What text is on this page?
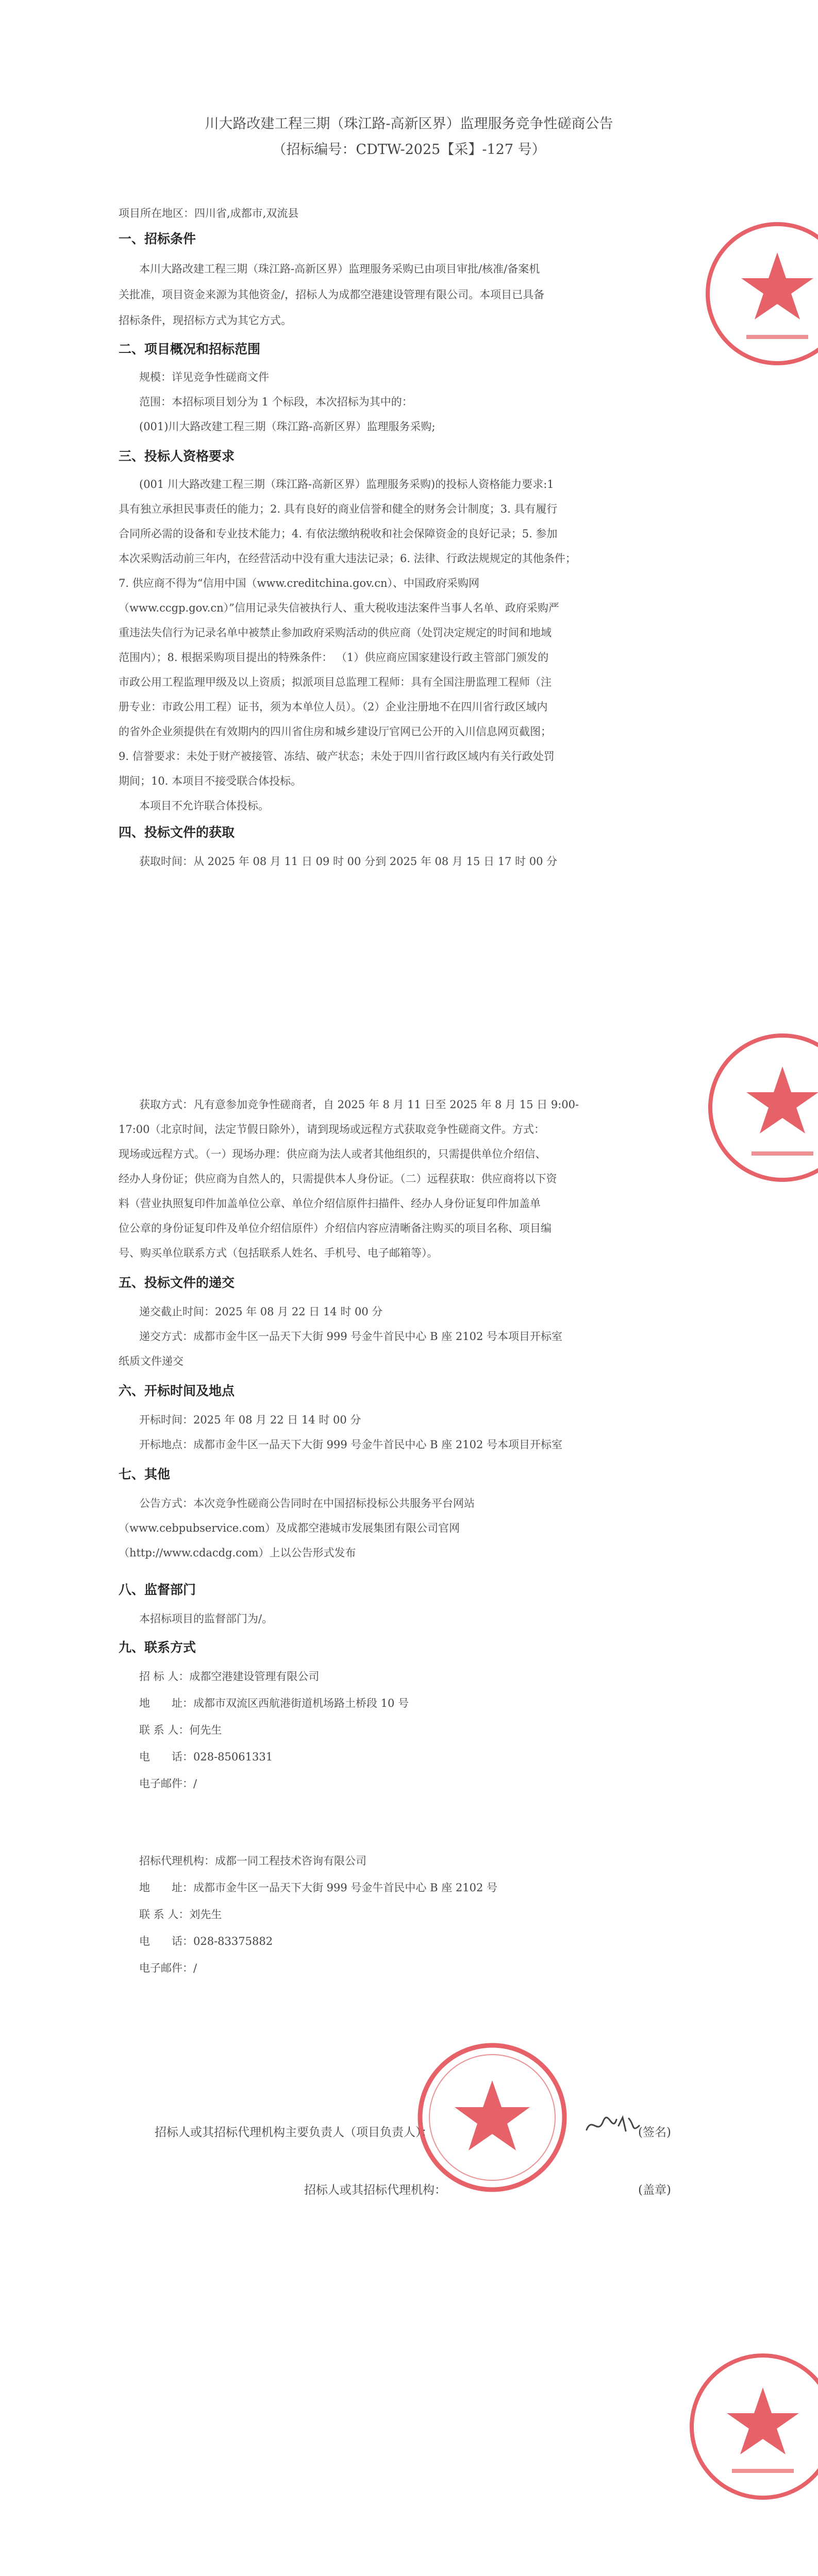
川大路改建工程三期（珠江路-高新区界）监理服务竞争性磋商公告
（招标编号：CDTW-2025【采】-127 号）
项目所在地区：四川省,成都市,双流县
一、招标条件
本川大路改建工程三期（珠江路-高新区界）监理服务采购已由项目审批/核准/备案机
关批准，项目资金来源为其他资金/，招标人为成都空港建设管理有限公司。本项目已具备
招标条件，现招标方式为其它方式。
二、项目概况和招标范围
规模：详见竞争性磋商文件
范围：本招标项目划分为 1 个标段，本次招标为其中的：
(001)川大路改建工程三期（珠江路-高新区界）监理服务采购;
三、投标人资格要求
(001 川大路改建工程三期（珠江路-高新区界）监理服务采购)的投标人资格能力要求:1
具有独立承担民事责任的能力；2. 具有良好的商业信誉和健全的财务会计制度；3. 具有履行
合同所必需的设备和专业技术能力；4. 有依法缴纳税收和社会保障资金的良好记录；5. 参加
本次采购活动前三年内，在经营活动中没有重大违法记录；6. 法律、行政法规规定的其他条件；
7. 供应商不得为“信用中国（www.creditchina.gov.cn）、中国政府采购网
（www.ccgp.gov.cn）”信用记录失信被执行人、重大税收违法案件当事人名单、政府采购严
重违法失信行为记录名单中被禁止参加政府采购活动的供应商（处罚决定规定的时间和地域
范围内）；8. 根据采购项目提出的特殊条件： （1）供应商应国家建设行政主管部门颁发的
市政公用工程监理甲级及以上资质；拟派项目总监理工程师：具有全国注册监理工程师（注
册专业：市政公用工程）证书，须为本单位人员）。（2）企业注册地不在四川省行政区域内
的省外企业须提供在有效期内的四川省住房和城乡建设厅官网已公开的入川信息网页截图；
9. 信誉要求：未处于财产被接管、冻结、破产状态；未处于四川省行政区域内有关行政处罚
期间；10. 本项目不接受联合体投标。
本项目不允许联合体投标。
四、投标文件的获取
获取时间：从 2025 年 08 月 11 日 09 时 00 分到 2025 年 08 月 15 日 17 时 00 分
获取方式：凡有意参加竞争性磋商者，自 2025 年 8 月 11 日至 2025 年 8 月 15 日 9:00-
17:00（北京时间，法定节假日除外），请到现场或远程方式获取竞争性磋商文件。方式：
现场或远程方式。（一）现场办理：供应商为法人或者其他组织的，只需提供单位介绍信、
经办人身份证；供应商为自然人的，只需提供本人身份证。（二）远程获取：供应商将以下资
料（营业执照复印件加盖单位公章、单位介绍信原件扫描件、经办人身份证复印件加盖单
位公章的身份证复印件及单位介绍信原件）介绍信内容应清晰备注购买的项目名称、项目编
号、购买单位联系方式（包括联系人姓名、手机号、电子邮箱等）。
五、投标文件的递交
递交截止时间：2025 年 08 月 22 日 14 时 00 分
递交方式：成都市金牛区一品天下大街 999 号金牛首民中心 B 座 2102 号本项目开标室
纸质文件递交
六、开标时间及地点
开标时间：2025 年 08 月 22 日 14 时 00 分
开标地点：成都市金牛区一品天下大街 999 号金牛首民中心 B 座 2102 号本项目开标室
七、其他
公告方式：本次竞争性磋商公告同时在中国招标投标公共服务平台网站
（www.cebpubservice.com）及成都空港城市发展集团有限公司官网
（http://www.cdacdg.com）上以公告形式发布
八、监督部门
本招标项目的监督部门为/。
九、联系方式
招 标 人：成都空港建设管理有限公司
地　　址：成都市双流区西航港街道机场路土桥段 10 号
联 系 人：何先生
电　　话：028-85061331
电子邮件：/
招标代理机构：成都一同工程技术咨询有限公司
地　　址：成都市金牛区一品天下大街 999 号金牛首民中心 B 座 2102 号
联 系 人：刘先生
电　　话：028-83375882
电子邮件：/
招标人或其招标代理机构主要负责人（项目负责人）：	(签名)
招标人或其招标代理机构：	(盖章)
